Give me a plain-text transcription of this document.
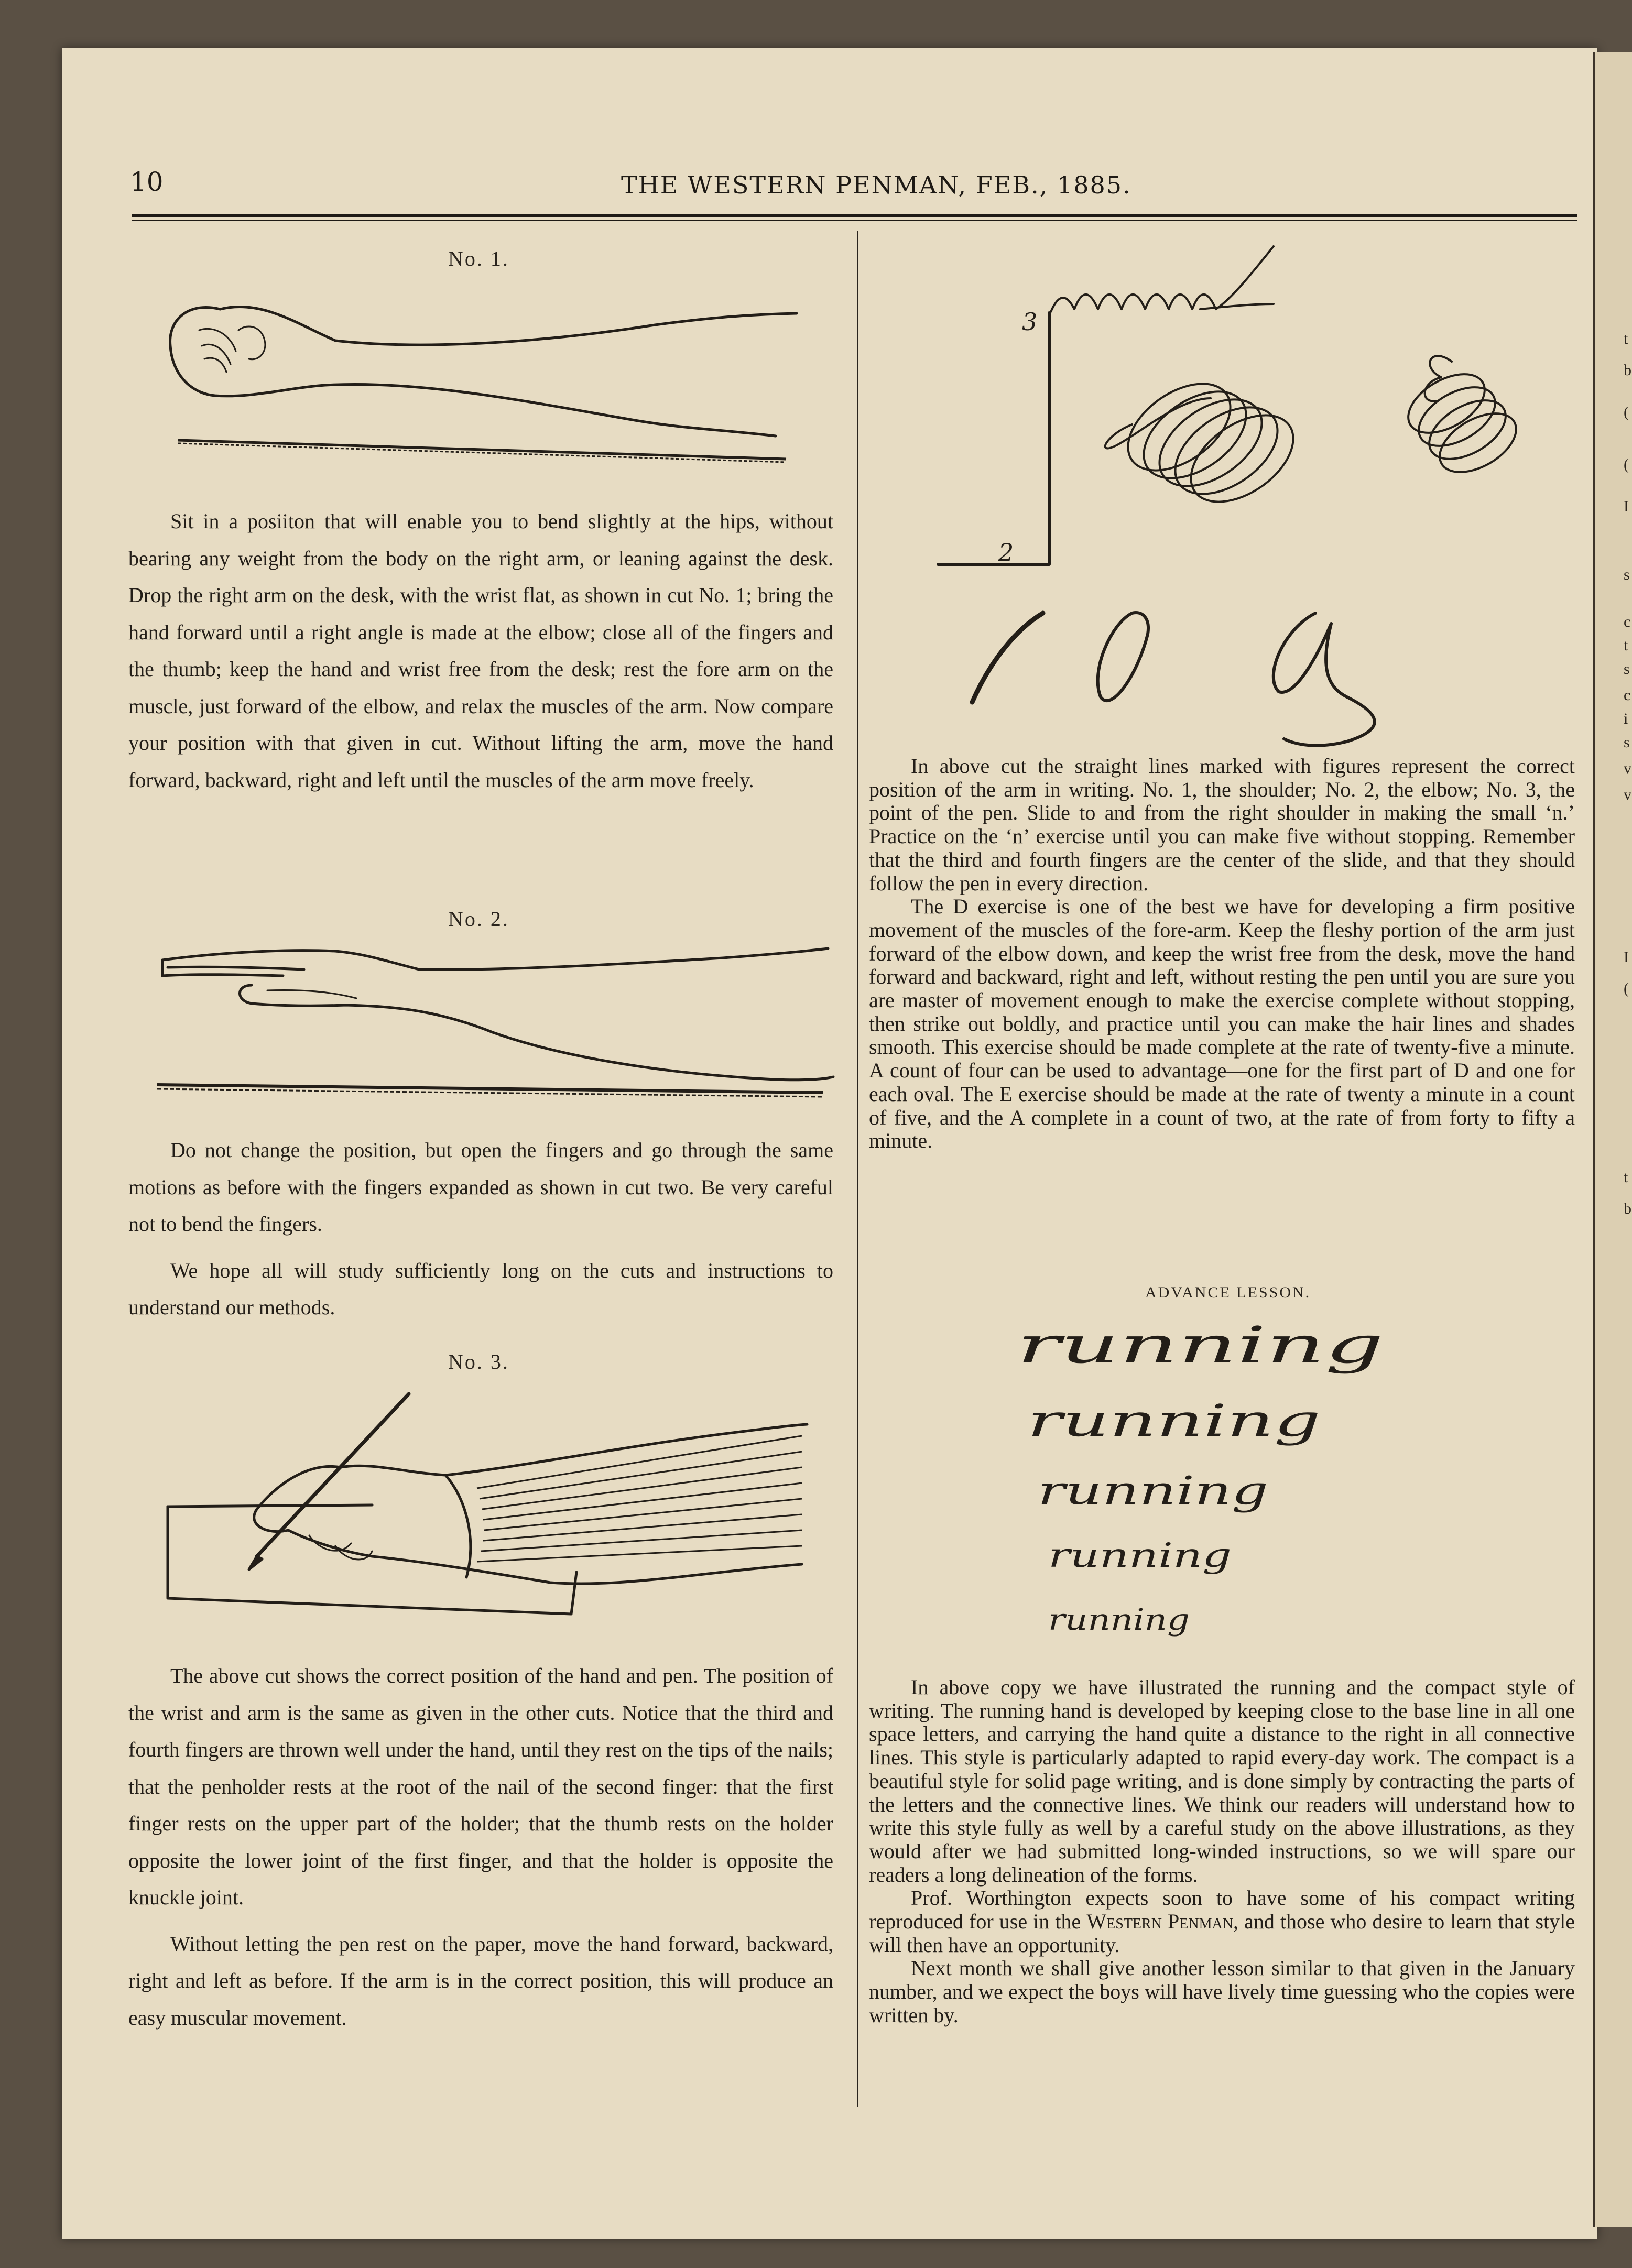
t
b
(
(
I
s
c
t
s
c
i
s
v
v
I
(
t
b
10	THE WESTERN PENMAN, FEB., 1885.
No. 1.

Sit in a posiiton that will enable you to bend slightly at the hips, without bearing any weight from the body on the right arm, or leaning against the desk. Drop the right arm on the desk, with the wrist flat, as shown in cut No. 1; bring the hand forward until a right angle is made at the elbow; close all of the fingers and the thumb; keep the hand and wrist free from the desk; rest the fore arm on the muscle, just forward of the elbow, and relax the muscles of the arm. Now compare your position with that given in cut. Without lifting the arm, move the hand forward, backward, right and left until the muscles of the arm move freely.

No. 2.

Do not change the position, but open the fingers and go through the same motions as before with the fingers expanded as shown in cut two. Be very careful not to bend the fingers.

We hope all will study sufficiently long on the cuts and instructions to understand our methods.

No. 3.

The above cut shows the correct position of the hand and pen. The position of the wrist and arm is the same as given in the other cuts. Notice that the third and fourth fingers are thrown well under the hand, until they rest on the tips of the nails; that the penholder rests at the root of the nail of the second finger: that the first finger rests on the upper part of the holder; that the thumb rests on the holder opposite the lower joint of the first finger, and that the holder is opposite the knuckle joint.

Without letting the pen rest on the paper, move the hand forward, backward, right and left as before. If the arm is in the correct position, this will produce an easy muscular movement.

3
2

In above cut the straight lines marked with figures represent the correct position of the arm in writing. No. 1, the shoulder; No. 2, the elbow; No. 3, the point of the pen. Slide to and from the right shoulder in making the small ‘n.’ Practice on the ‘n’ exercise until you can make five without stopping. Remember that the third and fourth fingers are the center of the slide, and that they should follow the pen in every direction.

The D exercise is one of the best we have for developing a firm positive movement of the muscles of the fore-arm. Keep the fleshy portion of the arm just forward of the elbow down, and keep the wrist free from the desk, move the hand forward and backward, right and left, without resting the pen until you are sure you are master of movement enough to make the exercise complete without stopping, then strike out boldly, and practice until you can make the hair lines and shades smooth. This exercise should be made complete at the rate of twenty-five a minute. A count of four can be used to advantage—one for the first part of D and one for each oval. The E exercise should be made at the rate of twenty a minute in a count of five, and the A complete in a count of two, at the rate of from forty to fifty a minute.

ADVANCE LESSON.
running
running
running
running
running

In above copy we have illustrated the running and the compact style of writing. The running hand is developed by keeping close to the base line in all one space letters, and carrying the hand quite a distance to the right in all connective lines. This style is particularly adapted to rapid every-day work. The compact is a beautiful style for solid page writing, and is done simply by contracting the parts of the letters and the connective lines. We think our readers will understand how to write this style fully as well by a careful study on the above illustrations, as they would after we had submitted long-winded instructions, so we will spare our readers a long delineation of the forms.

Prof. Worthington expects soon to have some of his compact writing reproduced for use in the Western Penman, and those who desire to learn that style will then have an opportunity.

Next month we shall give another lesson similar to that given in the January number, and we expect the boys will have lively time guessing who the copies were written by.
